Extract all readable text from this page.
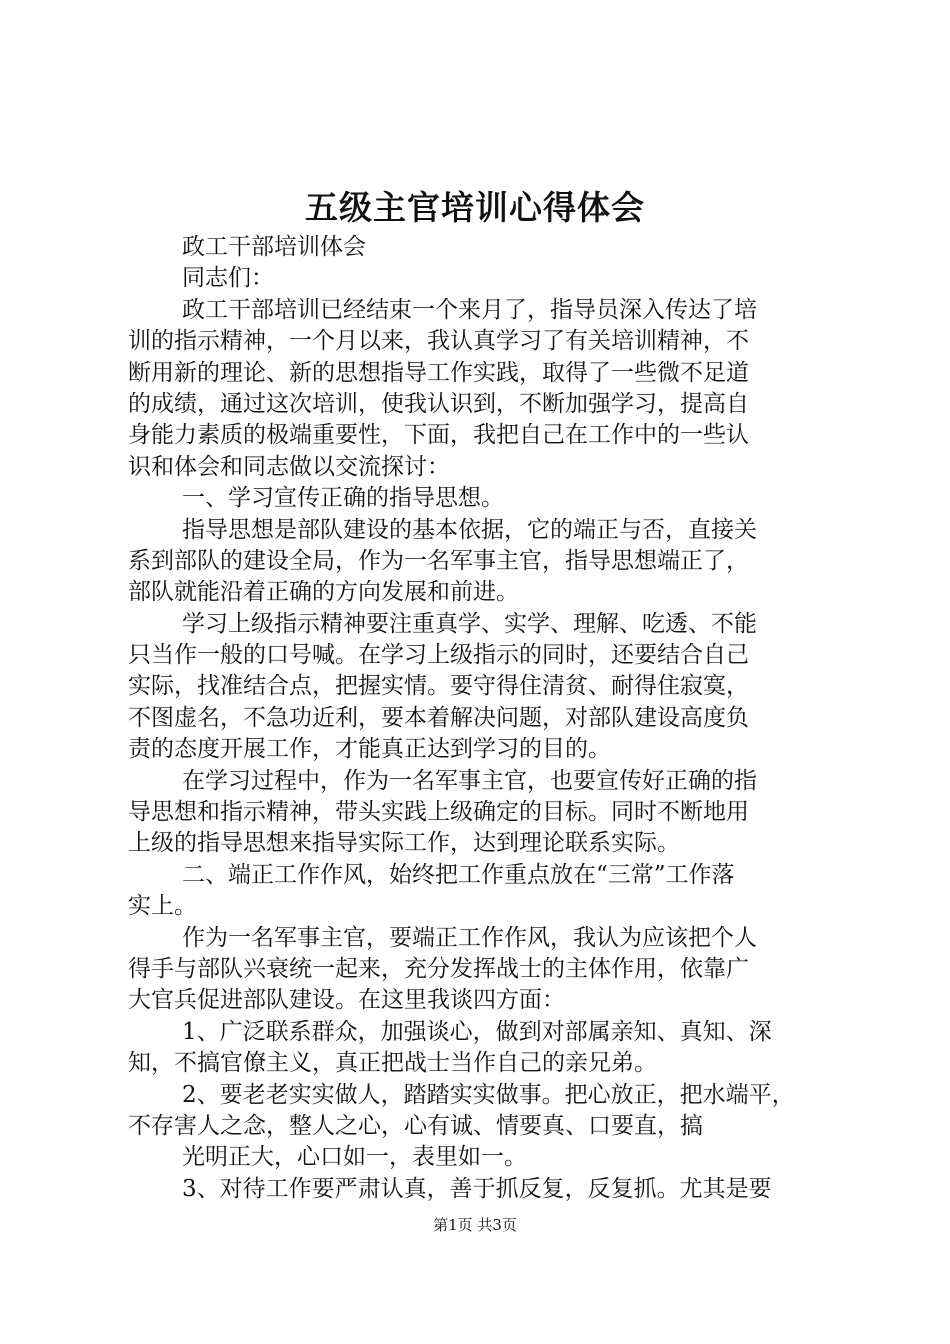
五级主官培训心得体会
政工干部培训体会
同志们：
政工干部培训已经结束一个来月了，指导员深入传达了培
训的指示精神，一个月以来，我认真学习了有关培训精神，不
断用新的理论、新的思想指导工作实践，取得了一些微不足道
的成绩，通过这次培训，使我认识到，不断加强学习，提高自
身能力素质的极端重要性，下面，我把自己在工作中的一些认
识和体会和同志做以交流探讨：
一、学习宣传正确的指导思想。
指导思想是部队建设的基本依据，它的端正与否，直接关
系到部队的建设全局，作为一名军事主官，指导思想端正了，
部队就能沿着正确的方向发展和前进。
学习上级指示精神要注重真学、实学、理解、吃透、不能
只当作一般的口号喊。在学习上级指示的同时，还要结合自己
实际，找准结合点，把握实情。要守得住清贫、耐得住寂寞，
不图虚名，不急功近利，要本着解决问题，对部队建设高度负
责的态度开展工作，才能真正达到学习的目的。
在学习过程中，作为一名军事主官，也要宣传好正确的指
导思想和指示精神，带头实践上级确定的目标。同时不断地用
上级的指导思想来指导实际工作，达到理论联系实际。
二、端正工作作风，始终把工作重点放在“三常”工作落
实上。
作为一名军事主官，要端正工作作风，我认为应该把个人
得手与部队兴衰统一起来，充分发挥战士的主体作用，依靠广
大官兵促进部队建设。在这里我谈四方面：
1、广泛联系群众，加强谈心，做到对部属亲知、真知、深
知，不搞官僚主义，真正把战士当作自己的亲兄弟。
2、要老老实实做人，踏踏实实做事。把心放正，把水端平，
不存害人之念，整人之心，心有诚、情要真、口要直，搞
光明正大，心口如一，表里如一。
3、对待工作要严肃认真，善于抓反复，反复抓。尤其是要
第1页 共3页
